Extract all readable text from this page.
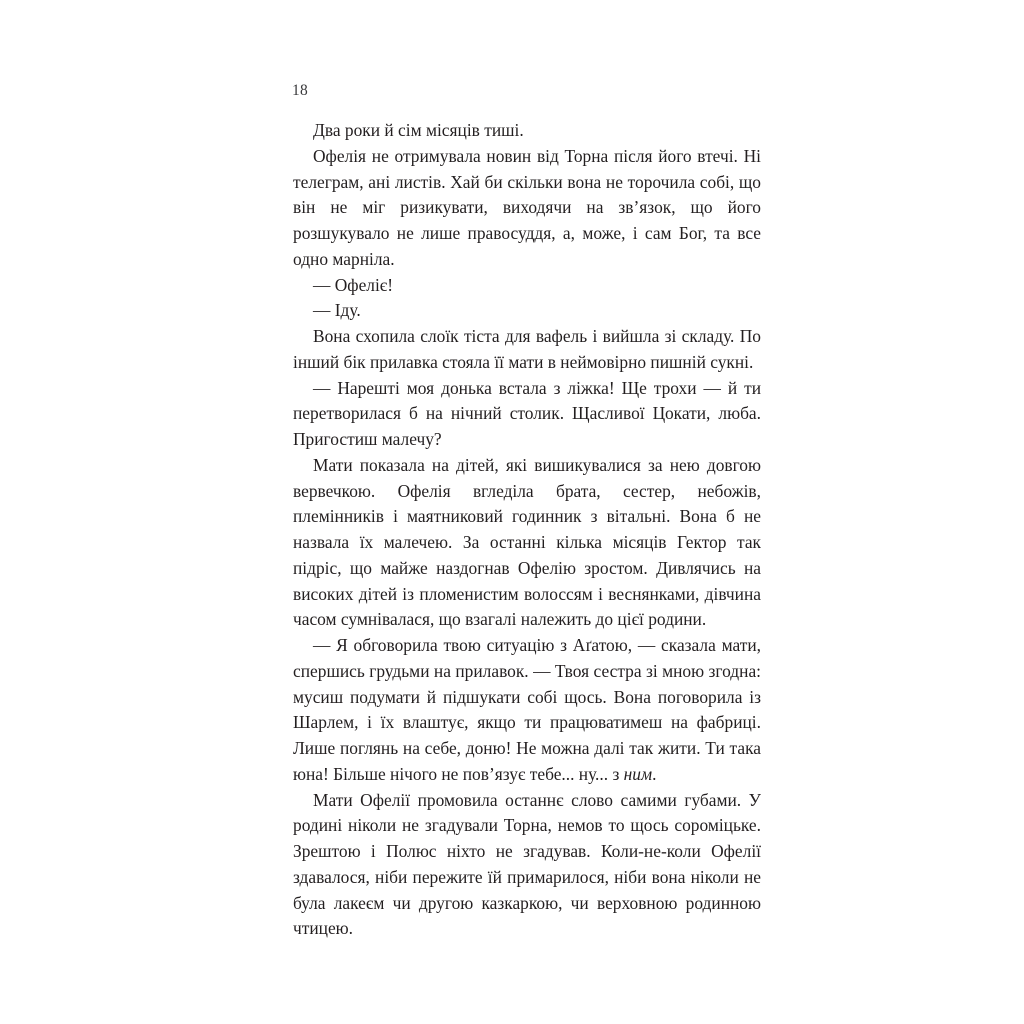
18

Два роки й сім місяців тиші.

Офелія не отримувала новин від Торна після його втечі. Ні телеграм, ані листів. Хай би скільки вона не торочила собі, що він не міг ризикувати, виходячи на зв’язок, що його розшукувало не лише правосуддя, а, може, і сам Бог, та все одно марніла.

— Офеліє!

— Іду.

Вона схопила слоїк тіста для вафель і вийшла зі складу. По інший бік прилавка стояла її мати в неймовірно пишній сукні.

— Нарешті моя донька встала з ліжка! Ще трохи — й ти перетворилася б на нічний столик. Щасливої Цокати, люба. Пригостиш малечу?

Мати показала на дітей, які вишикувалися за нею довгою вервечкою. Офелія вгледіла брата, сестер, небожів, племінників і маятниковий годинник з вітальні. Вона б не назвала їх малечею. За останні кілька місяців Гектор так підріс, що майже наздогнав Офелію зростом. Дивлячись на високих дітей із пломенистим волоссям і веснянками, дівчина часом сумнівалася, що взагалі належить до цієї родини.

— Я обговорила твою ситуацію з Аґатою, — сказала мати, спершись грудьми на прилавок. — Твоя сестра зі мною згодна: мусиш подумати й підшукати собі щось. Вона поговорила із Шарлем, і їх влаштує, якщо ти працюватимеш на фабриці. Лише поглянь на себе, доню! Не можна далі так жити. Ти така юна! Більше нічого не пов’язує тебе... ну... з ним.

Мати Офелії промовила останнє слово самими губами. У родині ніколи не згадували Торна, немов то щось сороміцьке. Зрештою і Полюс ніхто не згадував. Коли-не-коли Офелії здавалося, ніби пережите їй примарилося, ніби вона ніколи не була лакеєм чи другою казкаркою, чи верховною родинною чтицею.
